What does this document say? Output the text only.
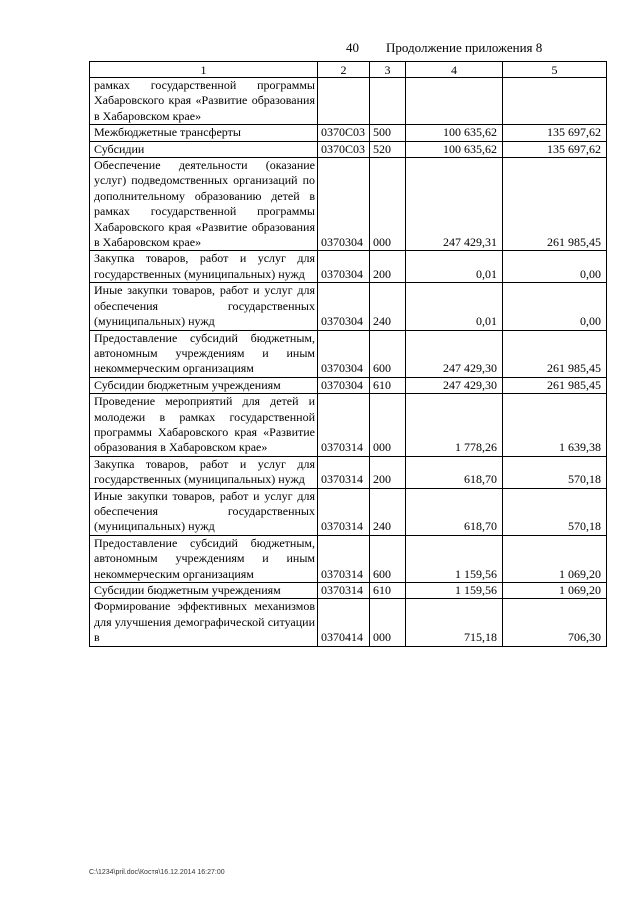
40 Продолжение приложения 8
1	2	3	4	5
рамках государственной программы Хабаровского края «Развитие образования в Хабаровском крае»				
Межбюджетные трансферты	0370С03	500	100 635,62	135 697,62
Субсидии	0370С03	520	100 635,62	135 697,62
Обеспечение деятельности (оказание услуг) подведомственных организаций по дополнительному образованию детей в рамках государственной программы Хабаровского края «Развитие образования в Хабаровском крае»	0370304	000	247 429,31	261 985,45
Закупка товаров, работ и услуг для государственных (муниципальных) нужд	0370304	200	0,01	0,00
Иные закупки товаров, работ и услуг для обеспечения государственных (муниципальных) нужд	0370304	240	0,01	0,00
Предоставление субсидий бюджетным, автономным учреждениям и иным некоммерческим организациям	0370304	600	247 429,30	261 985,45
Субсидии бюджетным учреждениям	0370304	610	247 429,30	261 985,45
Проведение мероприятий для детей и молодежи в рамках государственной программы Хабаровского края «Развитие образования в Хабаровском крае»	0370314	000	1 778,26	1 639,38
Закупка товаров, работ и услуг для государственных (муниципальных) нужд	0370314	200	618,70	570,18
Иные закупки товаров, работ и услуг для обеспечения государственных (муниципальных) нужд	0370314	240	618,70	570,18
Предоставление субсидий бюджетным, автономным учреждениям и иным некоммерческим организациям	0370314	600	1 159,56	1 069,20
Субсидии бюджетным учреждениям	0370314	610	1 159,56	1 069,20
Формирование эффективных механизмов для улучшения демографической ситуации в	0370414	000	715,18	706,30
C:\1234\pril.doc\Костя\16.12.2014 16:27:00
